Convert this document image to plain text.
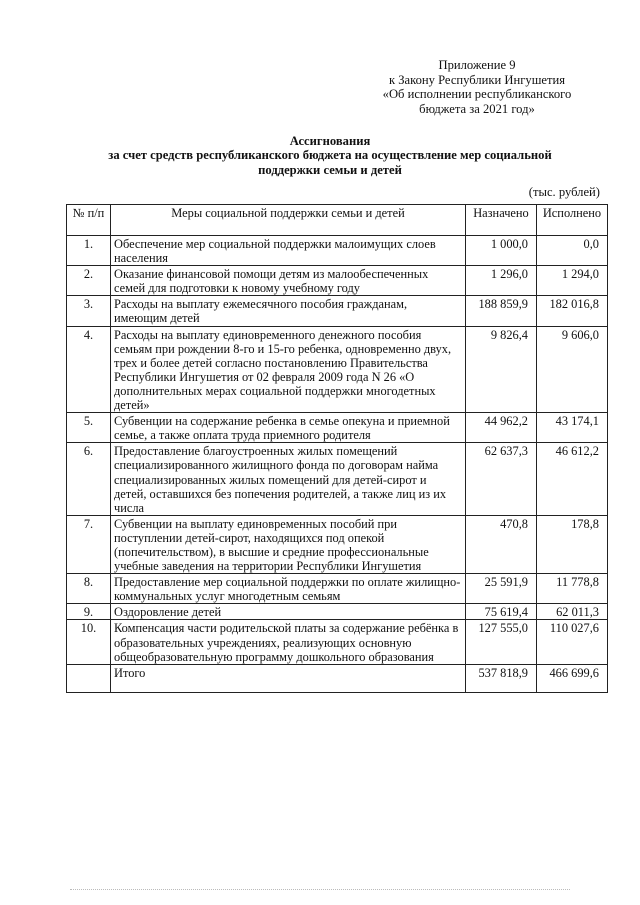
Приложение 9
к Закону Республики Ингушетия
«Об исполнении республиканского
бюджета за 2021 год»
Ассигнования
за счет средств республиканского бюджета на осуществление мер социальной
поддержки семьи и детей
(тыс. рублей)
№ п/п	Меры социальной поддержки семьи и детей	Назначено	Исполнено
1.	Обеспечение мер социальной поддержки малоимущих слоев населения	1 000,0	0,0
2.	Оказание финансовой помощи детям из малообеспеченных семей для подготовки к новому учебному году	1 296,0	1 294,0
3.	Расходы на выплату ежемесячного пособия гражданам, имеющим детей	188 859,9	182 016,8
4.	Расходы на выплату единовременного денежного пособия семьям при рождении 8-го и 15-го ребенка, одновременно двух, трех и более детей согласно постановлению Правительства Республики Ингушетия от 02 февраля 2009 года N 26 «О дополнительных мерах социальной поддержки многодетных детей»	9 826,4	9 606,0
5.	Субвенции на содержание ребенка в семье опекуна и приемной семье, а также оплата труда приемного родителя	44 962,2	43 174,1
6.	Предоставление благоустроенных жилых помещений специализированного жилищного фонда по договорам найма специализированных жилых помещений для детей-сирот и детей, оставшихся без попечения родителей, а также лиц из их числа	62 637,3	46 612,2
7.	Субвенции на выплату единовременных пособий при поступлении детей-сирот, находящихся под опекой (попечительством), в высшие и средние профессиональные учебные заведения на территории Республики Ингушетия	470,8	178,8
8.	Предоставление мер социальной поддержки по оплате жилищно-коммунальных услуг многодетным семьям	25 591,9	11 778,8
9.	Оздоровление детей	75 619,4	62 011,3
10.	Компенсация части родительской платы за содержание ребёнка в образовательных учреждениях, реализующих основную общеобразовательную программу дошкольного образования	127 555,0	110 027,6
	Итого	537 818,9	466 699,6
